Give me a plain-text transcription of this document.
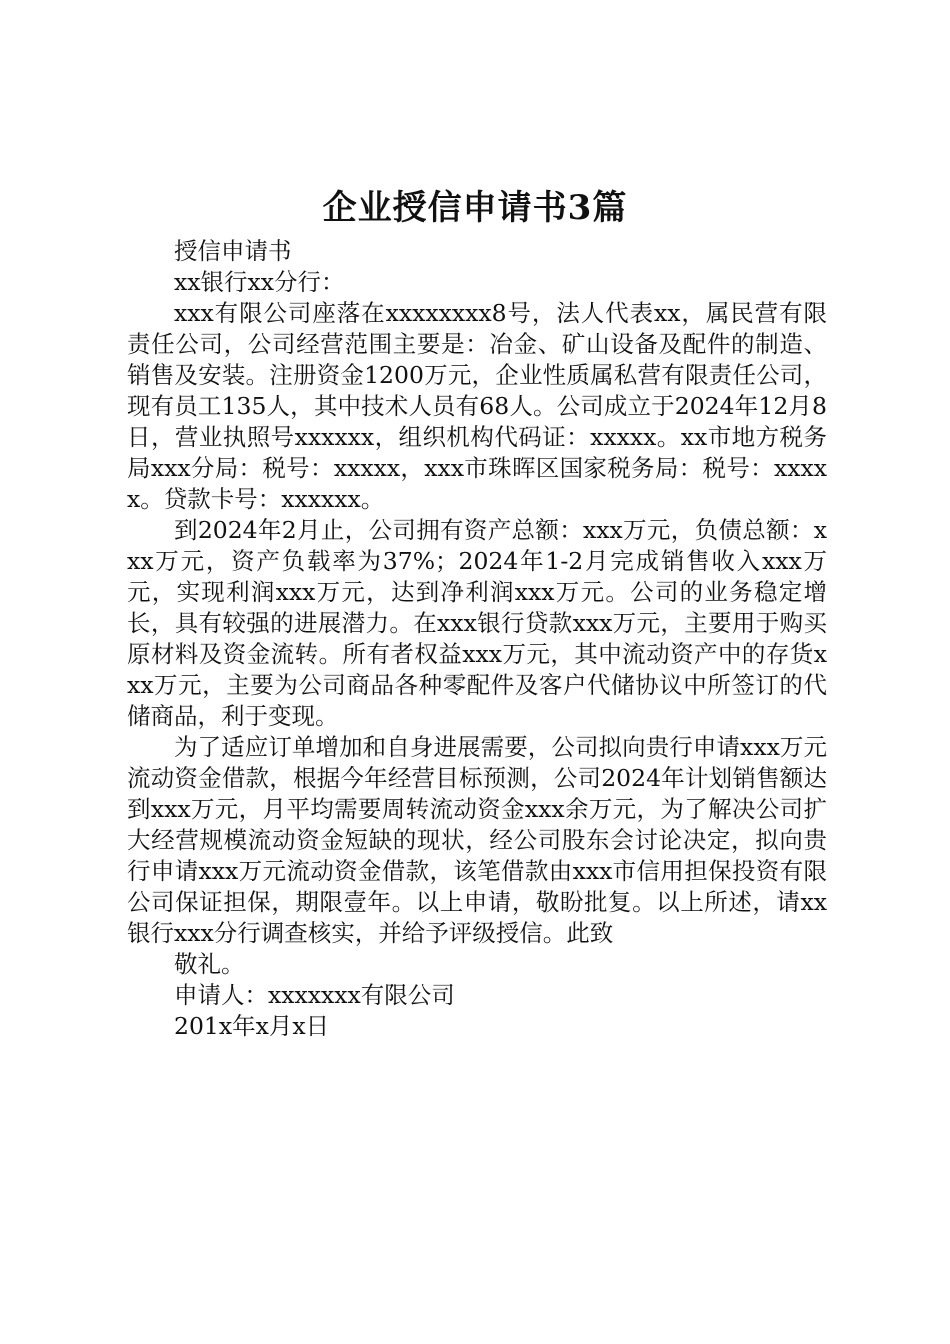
企业授信申请书3篇

授信申请书

xx银行xx分行：

xxx有限公司座落在xxxxxxxx8号，法人代表xx，属民营有限责任公司，公司经营范围主要是：冶金、矿山设备及配件的制造、销售及安装。注册资金1200万元，企业性质属私营有限责任公司，现有员工135人，其中技术人员有68人。公司成立于2024年12月8日，营业执照号xxxxxx，组织机构代码证：xxxxx。xx市地方税务局xxx分局：税号：xxxxx，xxx市珠晖区国家税务局：税号：xxxxx。贷款卡号：xxxxxx。

到2024年2月止，公司拥有资产总额：xxx万元，负债总额：xxx万元，资产负载率为37%；2024年1-2月完成销售收入xxx万元，实现利润xxx万元，达到净利润xxx万元。公司的业务稳定增长，具有较强的进展潜力。在xxx银行贷款xxx万元，主要用于购买原材料及资金流转。所有者权益xxx万元，其中流动资产中的存货xxx万元，主要为公司商品各种零配件及客户代储协议中所签订的代储商品，利于变现。

为了适应订单增加和自身进展需要，公司拟向贵行申请xxx万元流动资金借款，根据今年经营目标预测，公司2024年计划销售额达到xxx万元，月平均需要周转流动资金xxx余万元，为了解决公司扩大经营规模流动资金短缺的现状，经公司股东会讨论决定，拟向贵行申请xxx万元流动资金借款，该笔借款由xxx市信用担保投资有限公司保证担保，期限壹年。以上申请，敬盼批复。以上所述，请xx银行xxx分行调查核实，并给予评级授信。此致

敬礼。

申请人：xxxxxxx有限公司

201x年x月x日
